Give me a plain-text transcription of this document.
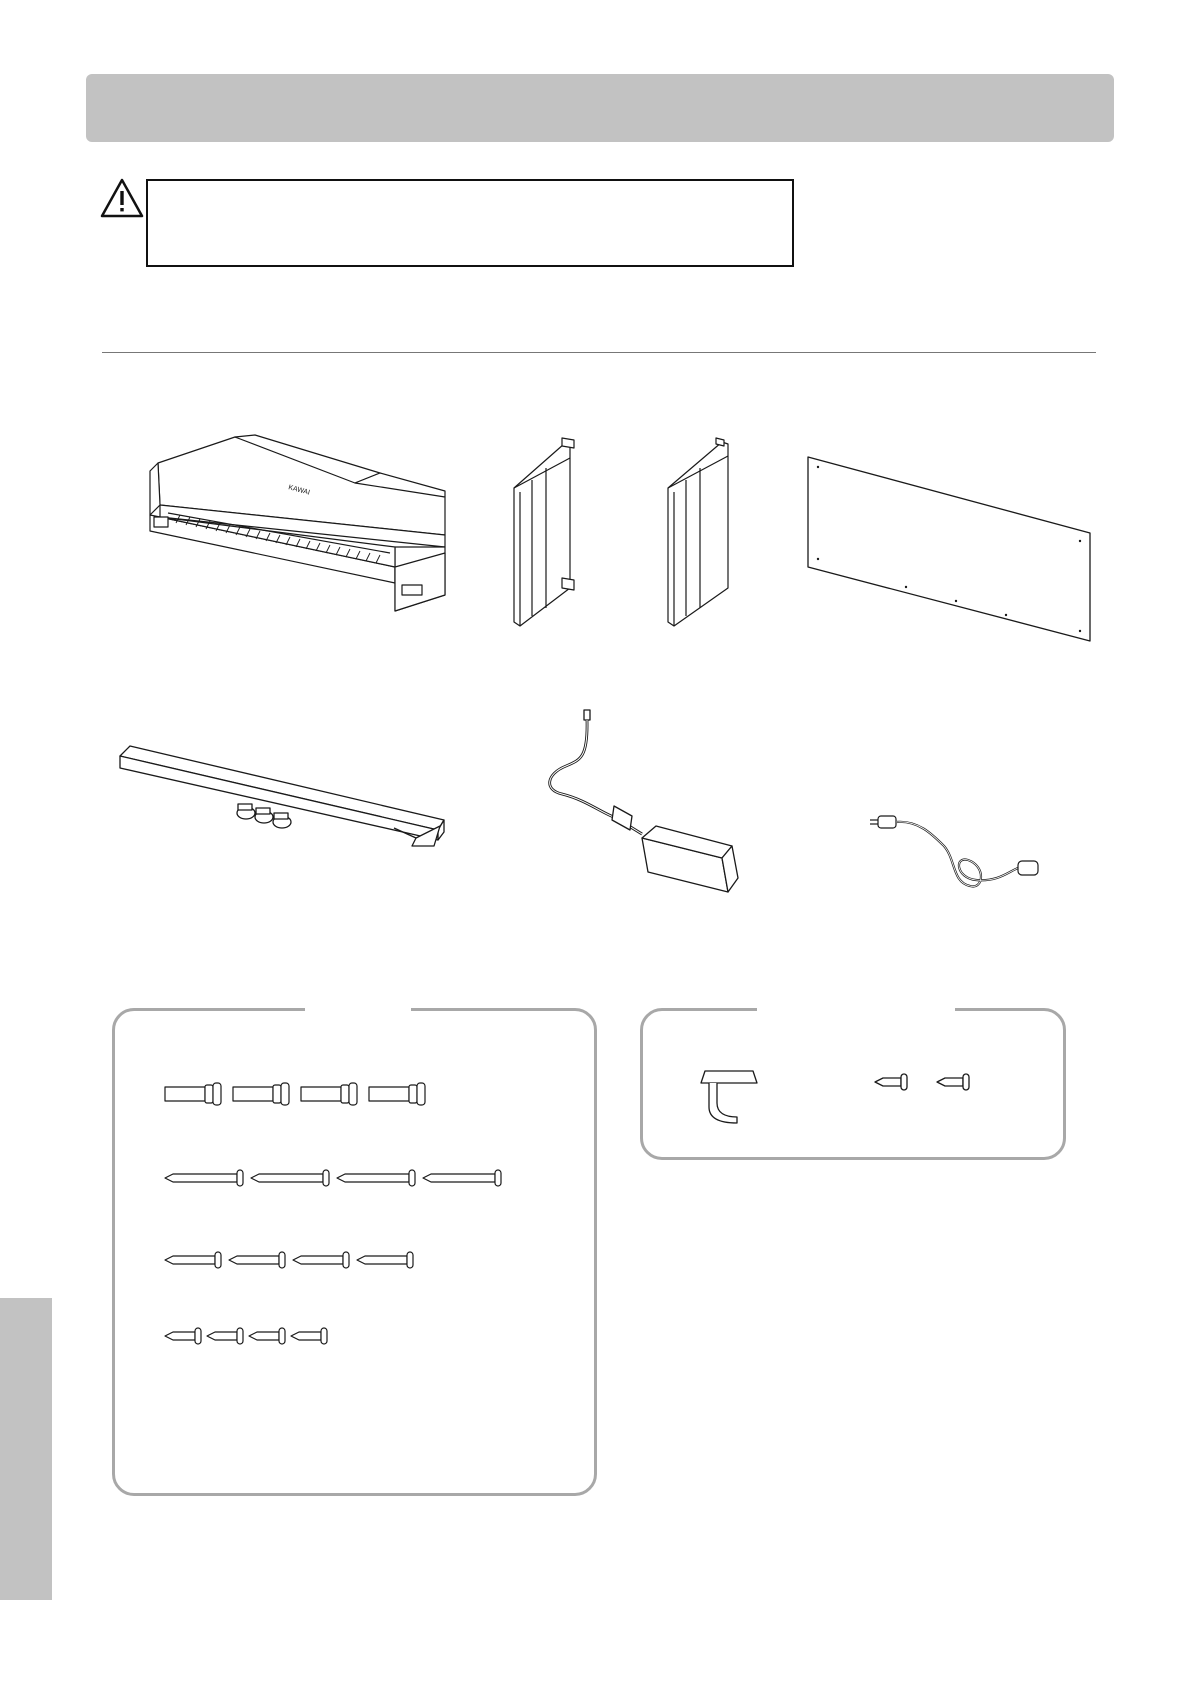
KAWAI
